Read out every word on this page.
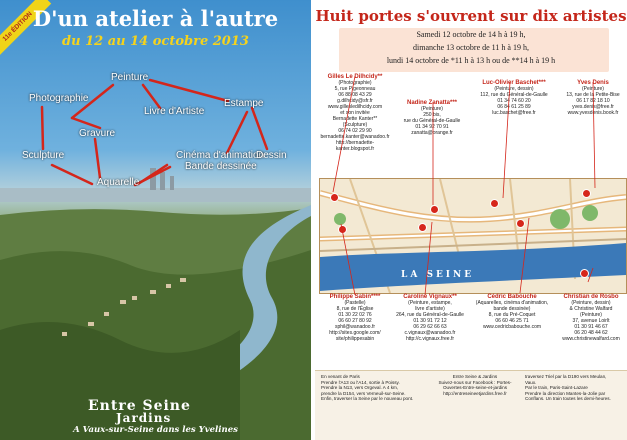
11e ÉDITION D'un atelier à l'autre
du 12 au 14 octobre 2013
Peinture
Photographie
Livre d'Artiste
Estampe
Gravure
Sculpture	Cinéma d'animation
Bande dessinée
Dessin
Aquarelle
Entre Seine
Jardins
A Vaux-sur-Seine dans les Yvelines
Huit portes s'ouvrent sur dix artistes
Samedi 12 octobre de 14 h à 19 h,
dimanche 13 octobre de 11 h à 19 h,
lundi 14 octobre de *11 h à 13 h ou de **14 h à 19 h
Gilles Le Dilhcidy**
(Photographie)
5, rue Pigeonneau
06 88 08 43 29
g.dilhcidy@sfr.fr
www.gillesledilhcidy.com
et son invitée
Bernadette Kanter**
(Sculpture)
06 74 02 29 90
bernadette.kanter@wanadoo.fr
http://bernadette-kanter.blogspot.fr
Nadine Zanatta***
(Peinture)
250 bis,
rue du Général-de-Gaulle
01 34 92 70 91
zanatta@orange.fr
Luc-Olivier Baschet***
(Peinture, dessin)
112, rue du Général-de-Gaulle
01 34 74 60 20
06 84 61 25 89
luc.baschet@free.fr
Yves Denis
(Peinture)
13, rue de la Petite-Bise
06 17 82 18 10
yves.denis@free.fr
www.yvesdenis.book.fr
LA SEINE
Philippe Sabin****
(Pastelle)
8, rue de l'Église
01 30 22 02 76
06 60 27 80 92
sphil@wanadoo.fr
http://sites.google.com/
site/philippesabin
Caroline Vignaux**
(Peinture, estampe,
livre d'artiste)
264, rue du Général-de-Gaulle
01 30 91 72 12
06 29 62 66 63
c.vignaux@wanadoo.fr
http://c.vignaux.free.fr
Cédric Babouche
(Aquarelles, cinéma d'animation,
bande dessinée)
8, rue du Pré-Coquet
06 60 46 25 71
www.cedricbabouche.com
Christian de Rosbo
(Peinture, dessin)
& Christine Walfard
(Peinture)
37, avenue Loirlt
01 30 91 46 67
06 20 48 44 62
www.christinewalfard.com
En venant de Paris
Prendre l'A13 ou l'A14, sortie à Poissy.
Prendre la N13, vers Orgeval. A 4 km,
prendre la D154, vers Verneuil-sur-Seine.
Enfin, traverser la Seine par le nouveau pont.
Entre Seine & Jardins
Suivez-nous sur Facebook : Portes-Ouvertes-Entre-seine-et-jardins
http://entreseineetjardins.free.fr
traversez Triel par la D190 vers Meulan,
Vaux.
Par le train, Paris-Saint-Lazare
Prendre la direction Mantes-la-Jolie par
Conflans. Un train toutes les demi-heures.
